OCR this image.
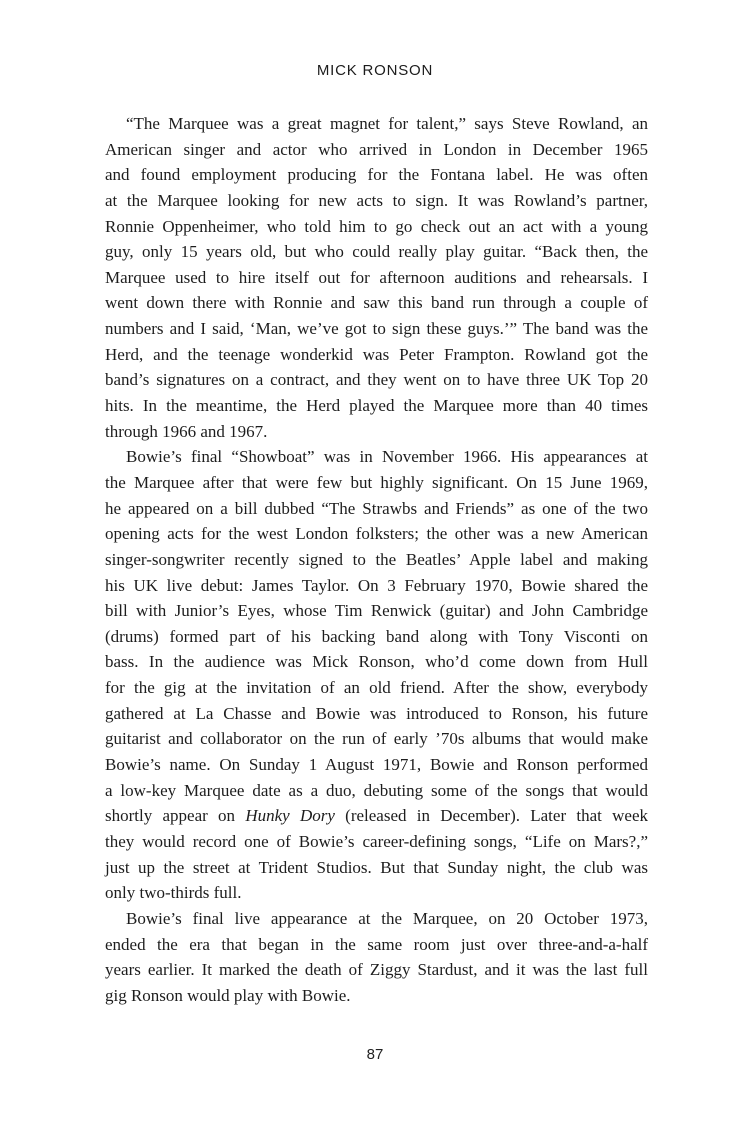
MICK RONSON
“The Marquee was a great magnet for talent,” says Steve Rowland, an
American singer and actor who arrived in London in December 1965
and found employment producing for the Fontana label. He was often
at the Marquee looking for new acts to sign. It was Rowland’s partner,
Ronnie Oppenheimer, who told him to go check out an act with a young
guy, only 15 years old, but who could really play guitar. “Back then, the
Marquee used to hire itself out for afternoon auditions and rehearsals. I
went down there with Ronnie and saw this band run through a couple of
numbers and I said, ‘Man, we’ve got to sign these guys.’” The band was the
Herd, and the teenage wonderkid was Peter Frampton. Rowland got the
band’s signatures on a contract, and they went on to have three UK Top 20
hits. In the meantime, the Herd played the Marquee more than 40 times
through 1966 and 1967.
Bowie’s final “Showboat” was in November 1966. His appearances at
the Marquee after that were few but highly significant. On 15 June 1969,
he appeared on a bill dubbed “The Strawbs and Friends” as one of the two
opening acts for the west London folksters; the other was a new American
singer-songwriter recently signed to the Beatles’ Apple label and making
his UK live debut: James Taylor. On 3 February 1970, Bowie shared the
bill with Junior’s Eyes, whose Tim Renwick (guitar) and John Cambridge
(drums) formed part of his backing band along with Tony Visconti on
bass. In the audience was Mick Ronson, who’d come down from Hull
for the gig at the invitation of an old friend. After the show, everybody
gathered at La Chasse and Bowie was introduced to Ronson, his future
guitarist and collaborator on the run of early ’70s albums that would make
Bowie’s name. On Sunday 1 August 1971, Bowie and Ronson performed
a low-key Marquee date as a duo, debuting some of the songs that would
shortly appear on Hunky Dory (released in December). Later that week
they would record one of Bowie’s career-defining songs, “Life on Mars?,”
just up the street at Trident Studios. But that Sunday night, the club was
only two-thirds full.
Bowie’s final live appearance at the Marquee, on 20 October 1973,
ended the era that began in the same room just over three-and-a-half
years earlier. It marked the death of Ziggy Stardust, and it was the last full
gig Ronson would play with Bowie.
87
